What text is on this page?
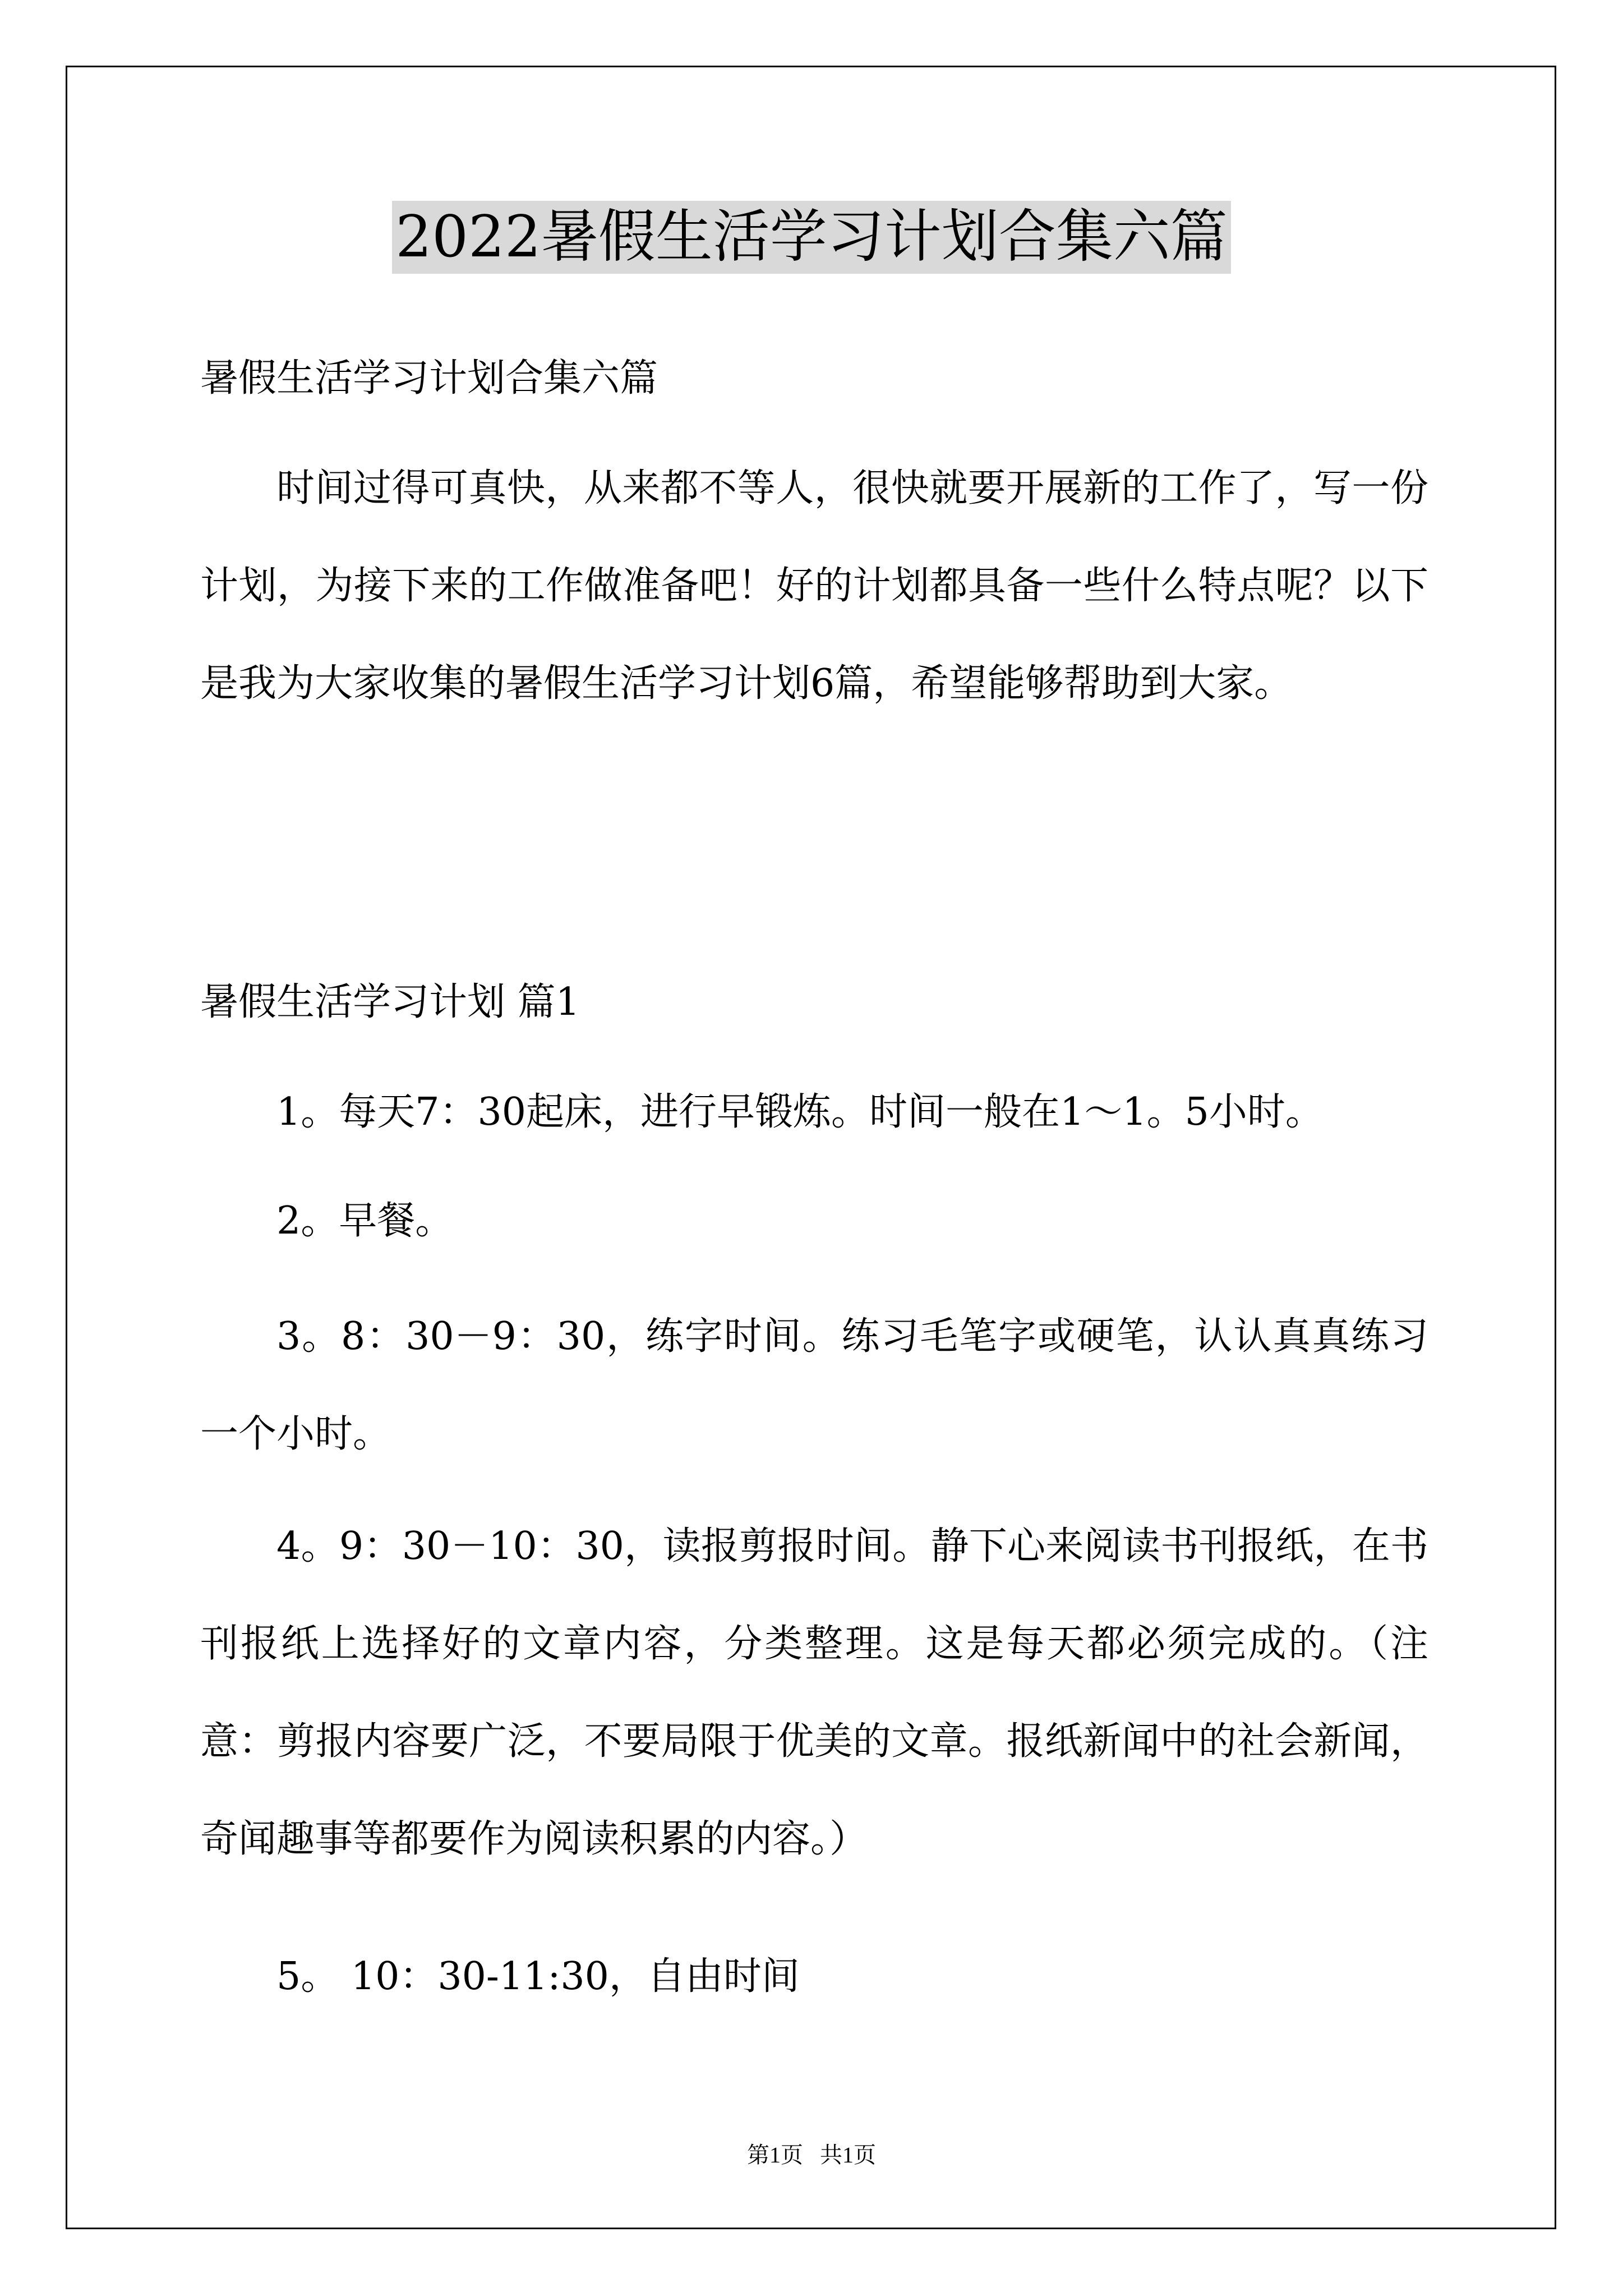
2022暑假生活学习计划合集六篇

暑假生活学习计划合集六篇

时间过得可真快，从来都不等人，很快就要开展新的工作了，写一份计划，为接下来的工作做准备吧！好的计划都具备一些什么特点呢？以下是我为大家收集的暑假生活学习计划6篇，希望能够帮助到大家。

暑假生活学习计划 篇1

1。每天7：30起床，进行早锻炼。时间一般在1～1。5小时。

2。早餐。

3。8：30－9：30，练字时间。练习毛笔字或硬笔，认认真真练习一个小时。

4。9：30－10：30，读报剪报时间。静下心来阅读书刊报纸，在书刊报纸上选择好的文章内容，分类整理。这是每天都必须完成的。（注意：剪报内容要广泛，不要局限于优美的文章。报纸新闻中的社会新闻，奇闻趣事等都要作为阅读积累的内容。）

5。 10：30-11:30，自由时间

第1页   共1页
